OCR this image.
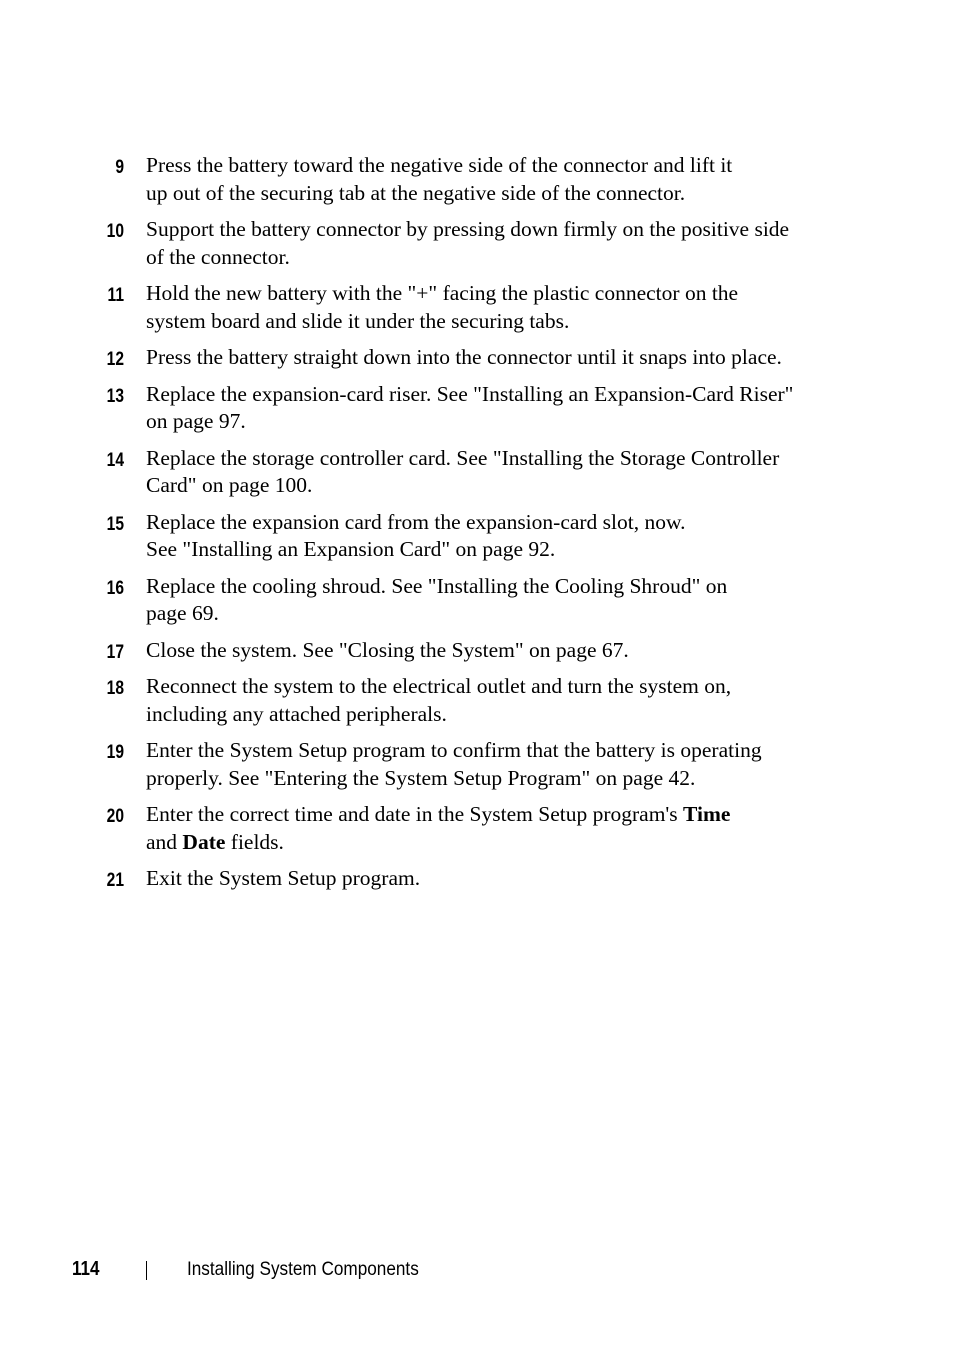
9 Press the battery toward the negative side of the connector and lift it
up out of the securing tab at the negative side of the connector.
10 Support the battery connector by pressing down firmly on the positive side
of the connector.
11 Hold the new battery with the "+" facing the plastic connector on the
system board and slide it under the securing tabs.
12 Press the battery straight down into the connector until it snaps into place.
13 Replace the expansion-card riser. See "Installing an Expansion-Card Riser"
on page 97.
14 Replace the storage controller card. See "Installing the Storage Controller
Card" on page 100.
15 Replace the expansion card from the expansion-card slot, now.
See "Installing an Expansion Card" on page 92.
16 Replace the cooling shroud. See "Installing the Cooling Shroud" on
page 69.
17 Close the system. See "Closing the System" on page 67.
18 Reconnect the system to the electrical outlet and turn the system on,
including any attached peripherals.
19 Enter the System Setup program to confirm that the battery is operating
properly. See "Entering the System Setup Program" on page 42.
20 Enter the correct time and date in the System Setup program's Time
and Date fields.
21 Exit the System Setup program.
114	Installing System Components
